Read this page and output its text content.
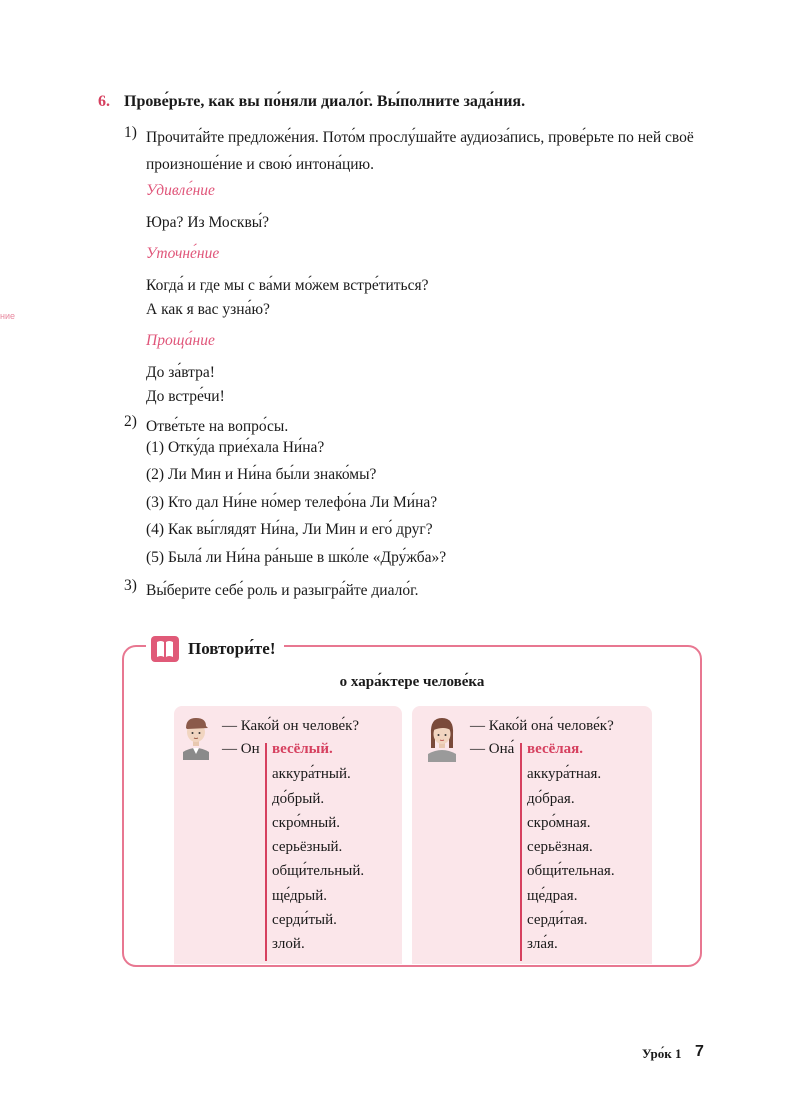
ние
6. Прове́рьте, как вы по́няли диало́г. Вы́полните зада́ния.
1) Прочита́йте предложе́ния. Пото́м прослу́шайте аудиоза́пись, прове́рьте по ней своё
произноше́ние и свою́ интона́цию.
Удивле́ние
Юра? Из Москвы́?
Уточне́ние
Когда́ и где мы с ва́ми мо́жем встре́титься?
А как я вас узна́ю?
Проща́ние
До за́втра!
До встре́чи!
2) Отве́тьте на вопро́сы.
(1) Отку́да прие́хала Ни́на?
(2) Ли Мин и Ни́на бы́ли знако́мы?
(3) Кто дал Ни́не но́мер телефо́на Ли Ми́на?
(4) Как вы́глядят Ни́на, Ли Мин и его́ друг?
(5) Была́ ли Ни́на ра́ньше в шко́ле «Дру́жба»?
3) Вы́берите себе́ роль и разыгра́йте диало́г.
Повтори́те!
о хара́ктере челове́ка
— Како́й он челове́к?
— Он весёлый.
аккура́тный.
до́брый.
скро́мный.
серьёзный.
общи́тельный.
ще́дрый.
серди́тый.
злой.
— Како́й она́ челове́к?
— Она́ весёлая.
аккура́тная.
до́брая.
скро́мная.
серьёзная.
общи́тельная.
ще́драя.
серди́тая.
зла́я.
Уро́к 1 7
